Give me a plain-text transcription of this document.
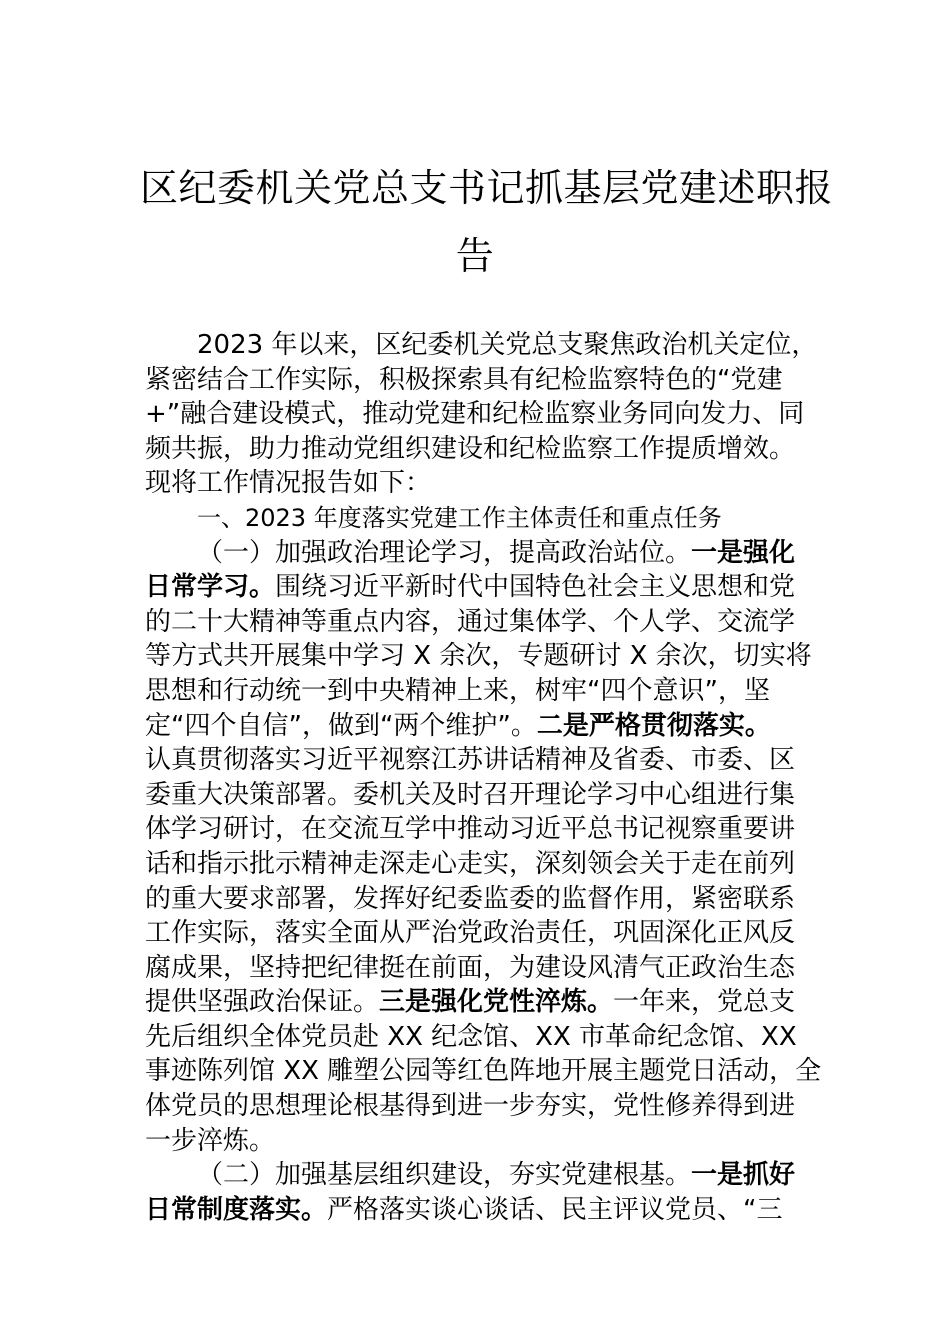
区纪委机关党总支书记抓基层党建述职报
告
2023 年以来，区纪委机关党总支聚焦政治机关定位，
紧密结合工作实际，积极探索具有纪检监察特色的“党建
+”融合建设模式，推动党建和纪检监察业务同向发力、同
频共振，助力推动党组织建设和纪检监察工作提质增效。
现将工作情况报告如下：
一、2023 年度落实党建工作主体责任和重点任务
（一）加强政治理论学习，提高政治站位。一是强化
日常学习。围绕习近平新时代中国特色社会主义思想和党
的二十大精神等重点内容，通过集体学、个人学、交流学
等方式共开展集中学习 X 余次，专题研讨 X 余次，切实将
思想和行动统一到中央精神上来，树牢“四个意识”，坚
定“四个自信”，做到“两个维护”。二是严格贯彻落实。
认真贯彻落实习近平视察江苏讲话精神及省委、市委、区
委重大决策部署。委机关及时召开理论学习中心组进行集
体学习研讨，在交流互学中推动习近平总书记视察重要讲
话和指示批示精神走深走心走实，深刻领会关于走在前列
的重大要求部署，发挥好纪委监委的监督作用，紧密联系
工作实际，落实全面从严治党政治责任，巩固深化正风反
腐成果，坚持把纪律挺在前面，为建设风清气正政治生态
提供坚强政治保证。三是强化党性淬炼。一年来，党总支
先后组织全体党员赴 XX 纪念馆、XX 市革命纪念馆、XX
事迹陈列馆 XX 雕塑公园等红色阵地开展主题党日活动，全
体党员的思想理论根基得到进一步夯实，党性修养得到进
一步淬炼。
（二）加强基层组织建设，夯实党建根基。一是抓好
日常制度落实。严格落实谈心谈话、民主评议党员、“三
